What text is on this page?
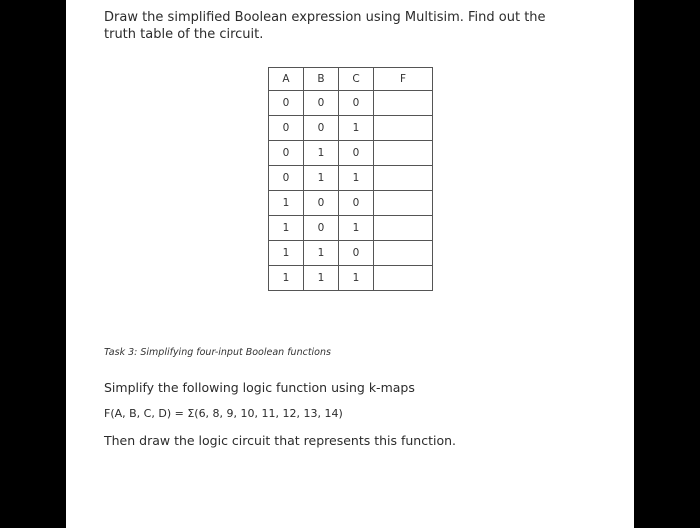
Draw the simplified Boolean expression using Multisim. Find out the
truth table of the circuit.
A	B	C	F
0	0	0	
0	0	1	
0	1	0	
0	1	1	
1	0	0	
1	0	1	
1	1	0	
1	1	1	
Task 3: Simplifying four-input Boolean functions
Simplify the following logic function using k-maps
F(A, B, C, D) = Σ(6, 8, 9, 10, 11, 12, 13, 14)
Then draw the logic circuit that represents this function.
